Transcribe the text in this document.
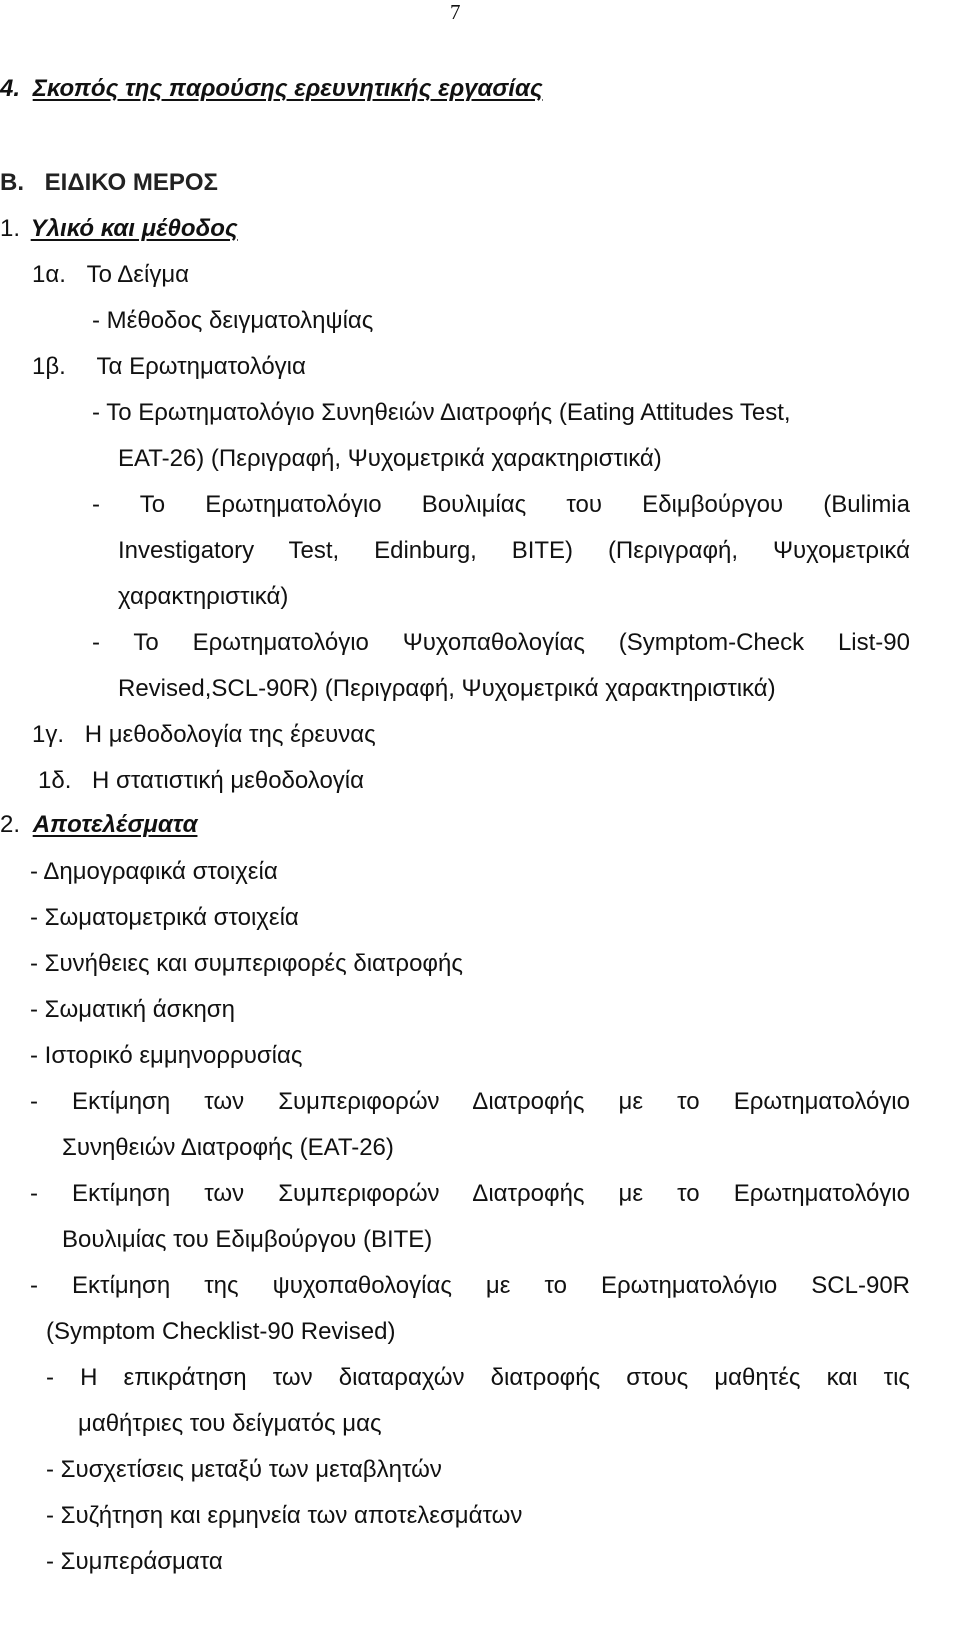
7
4. Σκοπός της παρούσης ερευνητικής εργασίας
B. ΕΙΔΙΚΟ ΜΕΡΟΣ
1. Υλικό και μέθοδος
1α. Το Δείγμα
- Μέθοδος δειγματοληψίας
1β. Τα Ερωτηματολόγια
- Το Ερωτηματολόγιο Συνηθειών Διατροφής (Eating Attitudes Test,
EAT-26) (Περιγραφή, Ψυχομετρικά χαρακτηριστικά)
- Το Ερωτηματολόγιο Βουλιμίας του Εδιμβούργου (Bulimia
Investigatory Test, Edinburg, BITE) (Περιγραφή, Ψυχομετρικά
χαρακτηριστικά)
- Το Ερωτηματολόγιο Ψυχοπαθολογίας (Symptom-Check List-90
Revised,SCL-90R) (Περιγραφή, Ψυχομετρικά χαρακτηριστικά)
1γ. Η μεθοδολογία της έρευνας
1δ. Η στατιστική μεθοδολογία
2. Αποτελέσματα
- Δημογραφικά στοιχεία
- Σωματομετρικά στοιχεία
- Συνήθειες και συμπεριφορές διατροφής
- Σωματική άσκηση
- Ιστορικό εμμηνορρυσίας
- Εκτίμηση των Συμπεριφορών Διατροφής με το Ερωτηματολόγιο
Συνηθειών Διατροφής (EAT-26)
- Εκτίμηση των Συμπεριφορών Διατροφής με το Ερωτηματολόγιο
Βουλιμίας του Εδιμβούργου (BITE)
- Εκτίμηση της ψυχοπαθολογίας με το Ερωτηματολόγιο SCL-90R
(Symptom Checklist-90 Revised)
- Η επικράτηση των διαταραχών διατροφής στους μαθητές και τις
μαθήτριες του δείγματός μας
- Συσχετίσεις μεταξύ των μεταβλητών
- Συζήτηση και ερμηνεία των αποτελεσμάτων
- Συμπεράσματα
